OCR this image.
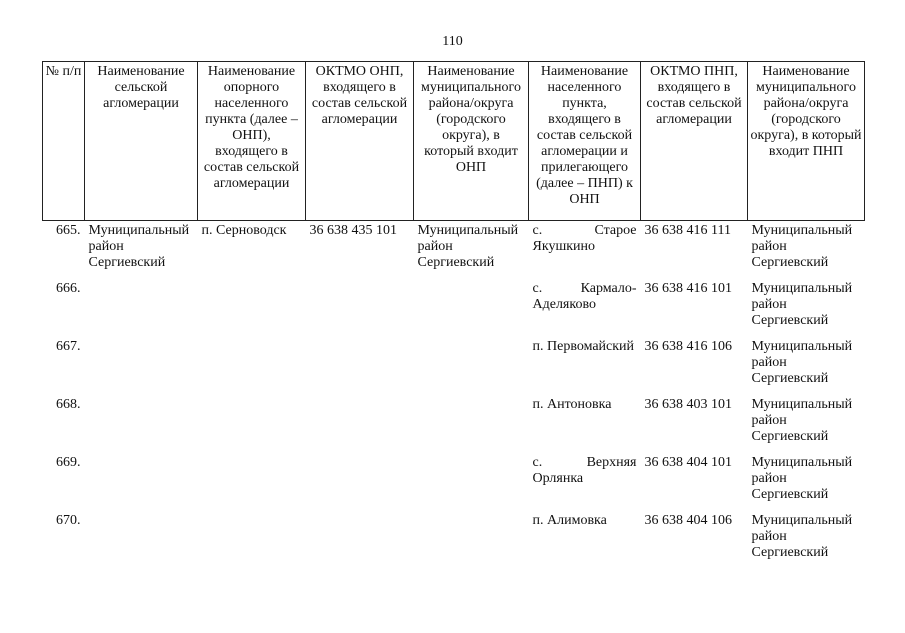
110
№ п/п	Наименование сельской агломерации	Наименование опорного населенного пункта (далее – ОНП), входящего в состав сельской агломерации	ОКТМО ОНП, входящего в состав сельской агломерации	Наименование муниципального района/округа (городского округа), в который входит ОНП	Наименование населенного пункта, входящего в состав сельской агломерации и прилегающего (далее – ПНП) к ОНП	ОКТМО ПНП, входящего в состав сельской агломерации	Наименование муниципального района/округа (городского округа), в который входит ПНП
665.	Муниципальный район Сергиевский	п. Серноводск	36 638 435 101	Муниципальный район Сергиевский	с. Старое Якушкино	36 638 416 111	Муниципальный район Сергиевский
666.					с. Кармало-Аделяково	36 638 416 101	Муниципальный район Сергиевский
667.					п. Первомайский	36 638 416 106	Муниципальный район Сергиевский
668.					п. Антоновка	36 638 403 101	Муниципальный район Сергиевский
669.					с. Верхняя Орлянка	36 638 404 101	Муниципальный район Сергиевский
670.					п. Алимовка	36 638 404 106	Муниципальный район Сергиевский
